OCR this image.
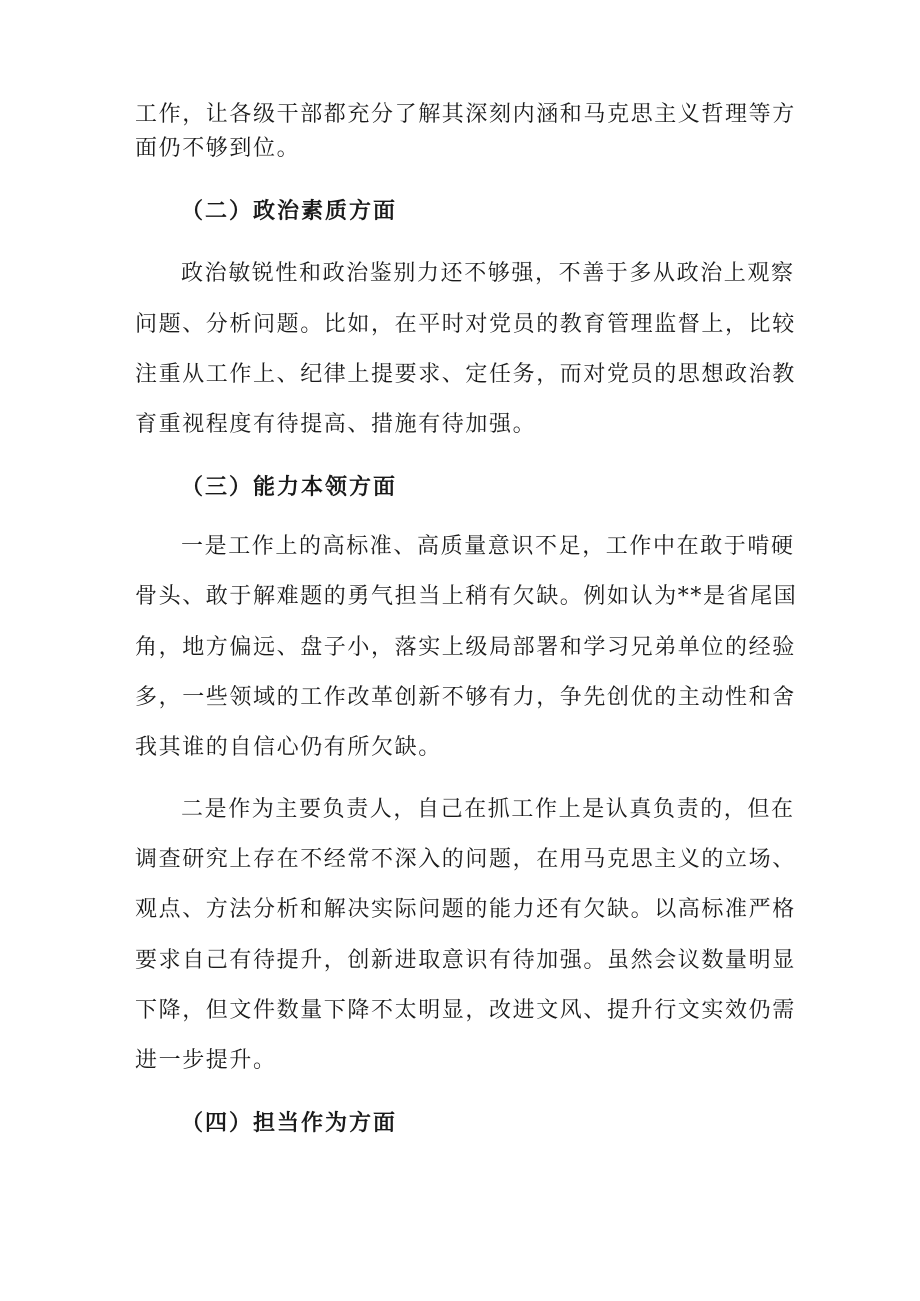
工作，让各级干部都充分了解其深刻内涵和马克思主义哲理等方
面仍不够到位。
（二）政治素质方面
政治敏锐性和政治鉴别力还不够强，不善于多从政治上观察
问题、分析问题。比如，在平时对党员的教育管理监督上，比较
注重从工作上、纪律上提要求、定任务，而对党员的思想政治教
育重视程度有待提高、措施有待加强。
（三）能力本领方面
一是工作上的高标准、高质量意识不足，工作中在敢于啃硬
骨头、敢于解难题的勇气担当上稍有欠缺。例如认为**是省尾国
角，地方偏远、盘子小，落实上级局部署和学习兄弟单位的经验
多，一些领域的工作改革创新不够有力，争先创优的主动性和舍
我其谁的自信心仍有所欠缺。
二是作为主要负责人，自己在抓工作上是认真负责的，但在
调查研究上存在不经常不深入的问题，在用马克思主义的立场、
观点、方法分析和解决实际问题的能力还有欠缺。以高标准严格
要求自己有待提升，创新进取意识有待加强。虽然会议数量明显
下降，但文件数量下降不太明显，改进文风、提升行文实效仍需
进一步提升。
（四）担当作为方面
